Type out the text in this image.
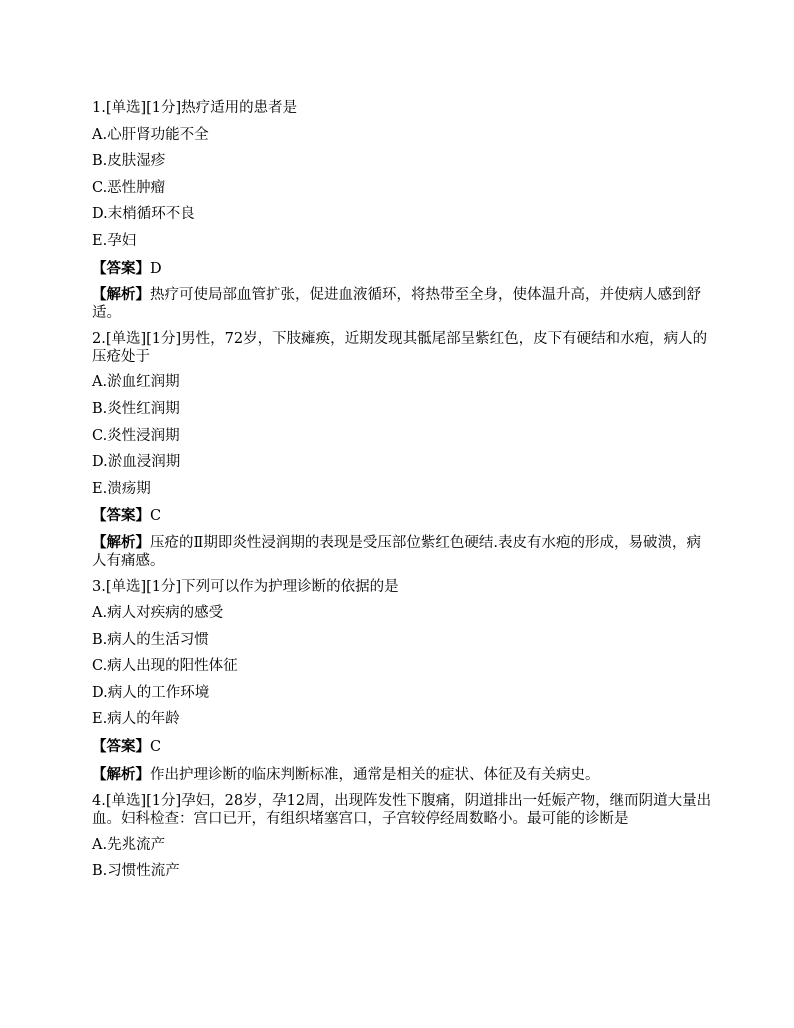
1.[单选][1分]热疗适用的患者是

A.心肝肾功能不全

B.皮肤湿疹

C.恶性肿瘤

D.末梢循环不良

E.孕妇

【答案】D

【解析】热疗可使局部血管扩张，促进血液循环，将热带至全身，使体温升高，并使病人感到舒适。

2.[单选][1分]男性，72岁，下肢瘫痪，近期发现其骶尾部呈紫红色，皮下有硬结和水疱，病人的压疮处于

A.淤血红润期

B.炎性红润期

C.炎性浸润期

D.淤血浸润期

E.溃疡期

【答案】C

【解析】压疮的Ⅱ期即炎性浸润期的表现是受压部位紫红色硬结.表皮有水疱的形成，易破溃，病人有痛感。

3.[单选][1分]下列可以作为护理诊断的依据的是

A.病人对疾病的感受

B.病人的生活习惯

C.病人出现的阳性体征

D.病人的工作环境

E.病人的年龄

【答案】C

【解析】作出护理诊断的临床判断标准，通常是相关的症状、体征及有关病史。

4.[单选][1分]孕妇，28岁，孕12周，出现阵发性下腹痛，阴道排出一妊娠产物，继而阴道大量出血。妇科检查：宫口已开，有组织堵塞宫口，子宫较停经周数略小。最可能的诊断是

A.先兆流产

B.习惯性流产
